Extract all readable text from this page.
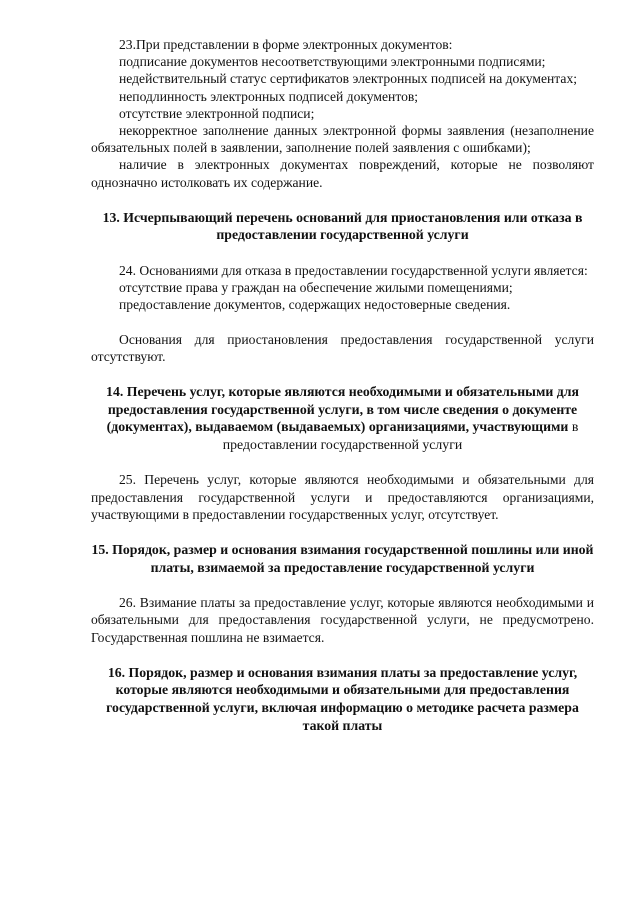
23.При представлении в форме электронных документов:

подписание документов несоответствующими электронными подписями;

недействительный статус сертификатов электронных подписей на документах;

неподлинность электронных подписей документов;

отсутствие электронной подписи;

некорректное заполнение данных электронной формы заявления (незаполнение обязательных полей в заявлении, заполнение полей заявления с ошибками);

наличие в электронных документах повреждений, которые не позволяют однозначно истолковать их содержание.

13. Исчерпывающий перечень оснований для приостановления или отказа в предоставлении государственной услуги

24. Основаниями для отказа в предоставлении государственной услуги является:

отсутствие права у граждан на обеспечение жилыми помещениями;

предоставление документов, содержащих недостоверные сведения.

Основания для приостановления предоставления государственной услуги отсутствуют.

14. Перечень услуг, которые являются необходимыми и обязательными для предоставления государственной услуги, в том числе сведения о документе (документах), выдаваемом (выдаваемых) организациями, участвующими в предоставлении государственной услуги

25. Перечень услуг, которые являются необходимыми и обязательными для предоставления государственной услуги и предоставляются организациями, участвующими в предоставлении государственных услуг, отсутствует.

15. Порядок, размер и основания взимания государственной пошлины или иной платы, взимаемой за предоставление государственной услуги

26. Взимание платы за предоставление услуг, которые являются необходимыми и обязательными для предоставления государственной услуги, не предусмотрено. Государственная пошлина не взимается.

16. Порядок, размер и основания взимания платы за предоставление услуг, которые являются необходимыми и обязательными для предоставления государственной услуги, включая информацию о методике расчета размера такой платы
